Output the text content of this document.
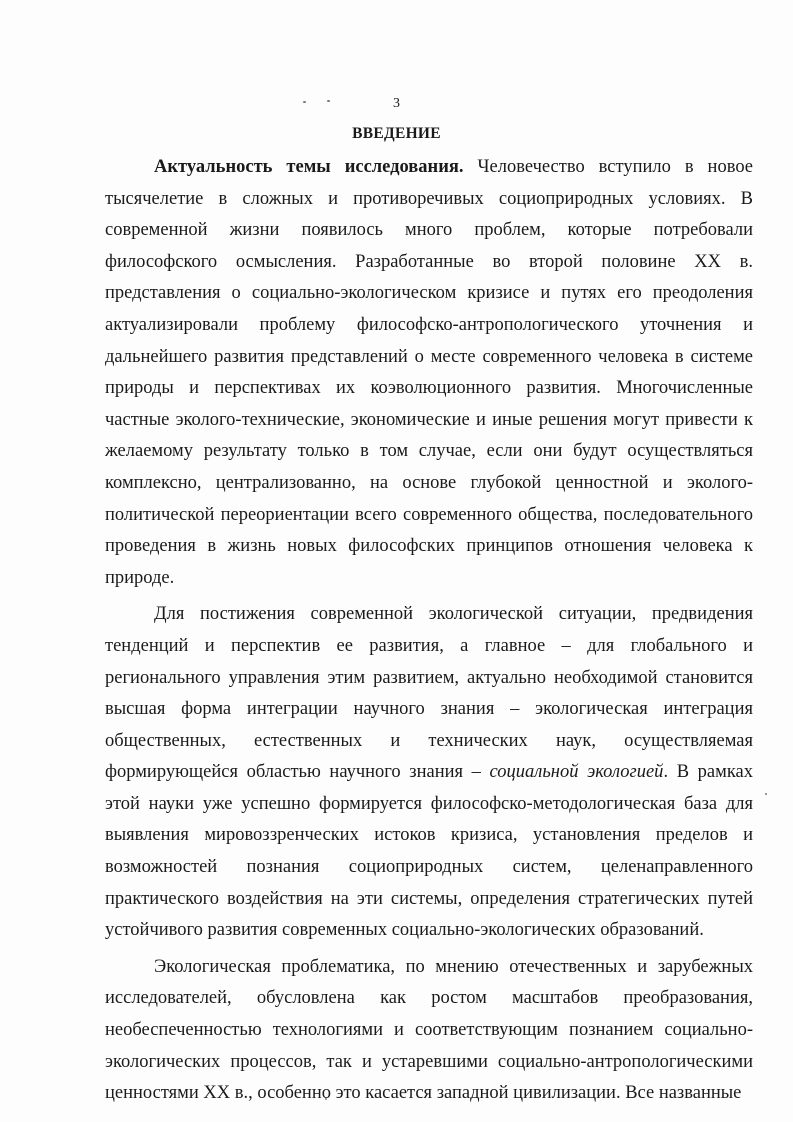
3
ВВЕДЕНИЕ

Актуальность темы исследования. Человечество вступило в новое тысячелетие в сложных и противоречивых социоприродных условиях. В современной жизни появилось много проблем, которые потребовали философского осмысления. Разработанные во второй половине XX в. представления о социально-экологическом кризисе и путях его преодоления актуализировали проблему философско-антропологического уточнения и дальнейшего развития представлений о месте современного человека в системе природы и перспективах их коэволюционного развития. Многочисленные частные эколого-технические, экономические и иные решения могут привести к желаемому результату только в том случае, если они будут осуществляться комплексно, централизованно, на основе глубокой ценностной и эколого-политической переориентации всего современного общества, последовательного проведения в жизнь новых философских принципов отношения человека к природе.

Для постижения современной экологической ситуации, предвидения тенденций и перспектив ее развития, а главное – для глобального и регионального управления этим развитием, актуально необходимой становится высшая форма интеграции научного знания – экологическая интеграция общественных, естественных и технических наук, осуществляемая формирующейся областью научного знания – социальной экологией. В рамках этой науки уже успешно формируется философско-методологическая база для выявления мировоззренческих истоков кризиса, установления пределов и возможностей познания социоприродных систем, целенаправленного практического воздействия на эти системы, определения стратегических путей устойчивого развития современных социально-экологических образований.

Экологическая проблематика, по мнению отечественных и зарубежных исследователей, обусловлена как ростом масштабов преобразования, необеспеченностью технологиями и соответствующим познанием социально-экологических процессов, так и устаревшими социально-антропологическими ценностями XX в., особенно это касается западной цивилизации. Все названные
